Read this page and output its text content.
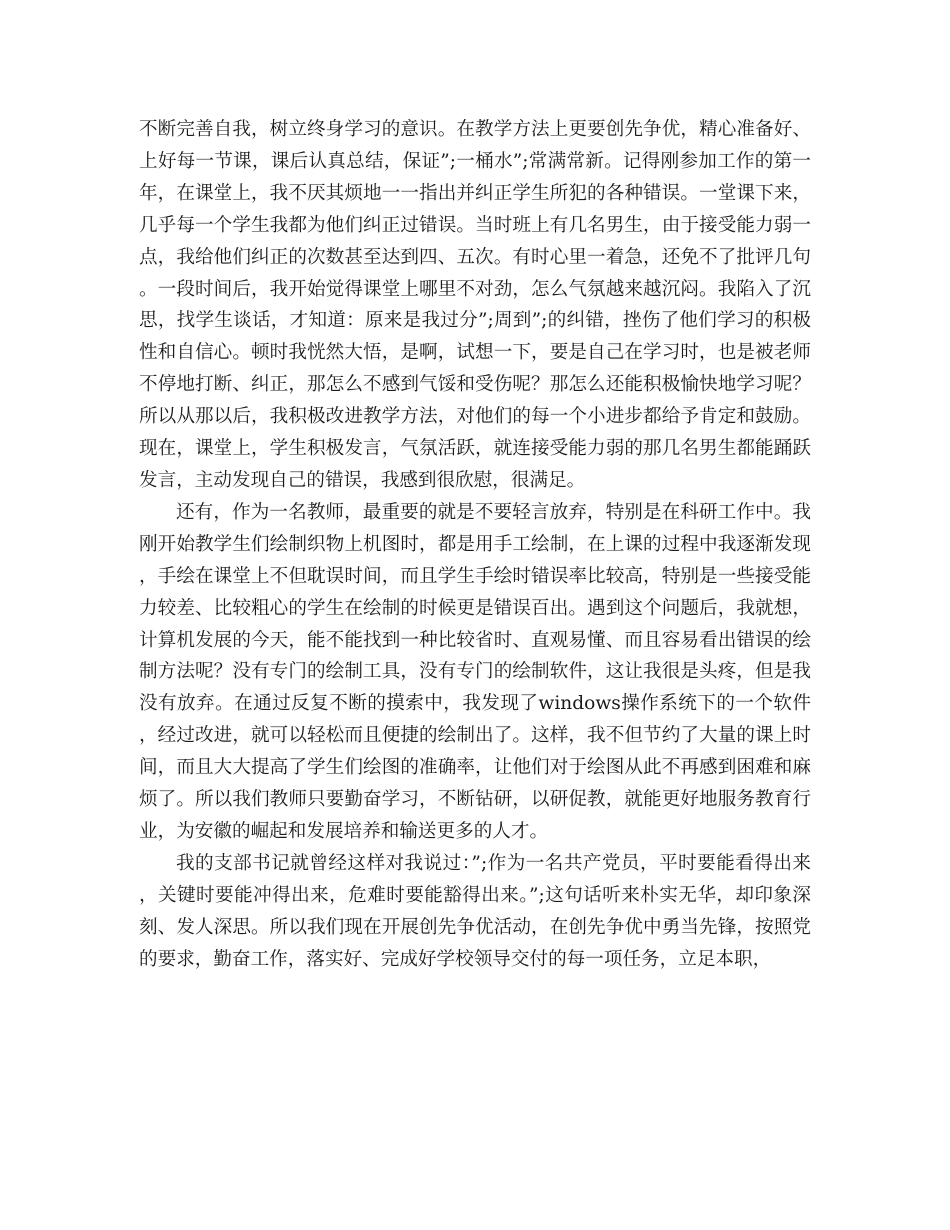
不断完善自我，树立终身学习的意识。在教学方法上更要创先争优，精心准备好、上好每一节课，课后认真总结，保证”;一桶水”;常满常新。记得刚参加工作的第一年，在课堂上，我不厌其烦地一一指出并纠正学生所犯的各种错误。一堂课下来，几乎每一个学生我都为他们纠正过错误。当时班上有几名男生，由于接受能力弱一点，我给他们纠正的次数甚至达到四、五次。有时心里一着急，还免不了批评几句。一段时间后，我开始觉得课堂上哪里不对劲，怎么气氛越来越沉闷。我陷入了沉思，找学生谈话，才知道：原来是我过分”;周到”;的纠错，挫伤了他们学习的积极性和自信心。顿时我恍然大悟，是啊，试想一下，要是自己在学习时，也是被老师不停地打断、纠正，那怎么不感到气馁和受伤呢？那怎么还能积极愉快地学习呢？所以从那以后，我积极改进教学方法，对他们的每一个小进步都给予肯定和鼓励。现在，课堂上，学生积极发言，气氛活跃，就连接受能力弱的那几名男生都能踊跃发言，主动发现自己的错误，我感到很欣慰，很满足。

还有，作为一名教师，最重要的就是不要轻言放弃，特别是在科研工作中。我刚开始教学生们绘制织物上机图时，都是用手工绘制，在上课的过程中我逐渐发现，手绘在课堂上不但耽误时间，而且学生手绘时错误率比较高，特别是一些接受能力较差、比较粗心的学生在绘制的时候更是错误百出。遇到这个问题后，我就想，计算机发展的今天，能不能找到一种比较省时、直观易懂、而且容易看出错误的绘制方法呢？没有专门的绘制工具，没有专门的绘制软件，这让我很是头疼，但是我没有放弃。在通过反复不断的摸索中，我发现了windows操作系统下的一个软件，经过改进，就可以轻松而且便捷的绘制出了。这样，我不但节约了大量的课上时间，而且大大提高了学生们绘图的准确率，让他们对于绘图从此不再感到困难和麻烦了。所以我们教师只要勤奋学习，不断钻研，以研促教，就能更好地服务教育行业，为安徽的崛起和发展培养和输送更多的人才。

我的支部书记就曾经这样对我说过：”;作为一名共产党员，平时要能看得出来，关键时要能冲得出来，危难时要能豁得出来。”;这句话听来朴实无华，却印象深刻、发人深思。所以我们现在开展创先争优活动，在创先争优中勇当先锋，按照党的要求，勤奋工作，落实好、完成好学校领导交付的每一项任务，立足本职，
